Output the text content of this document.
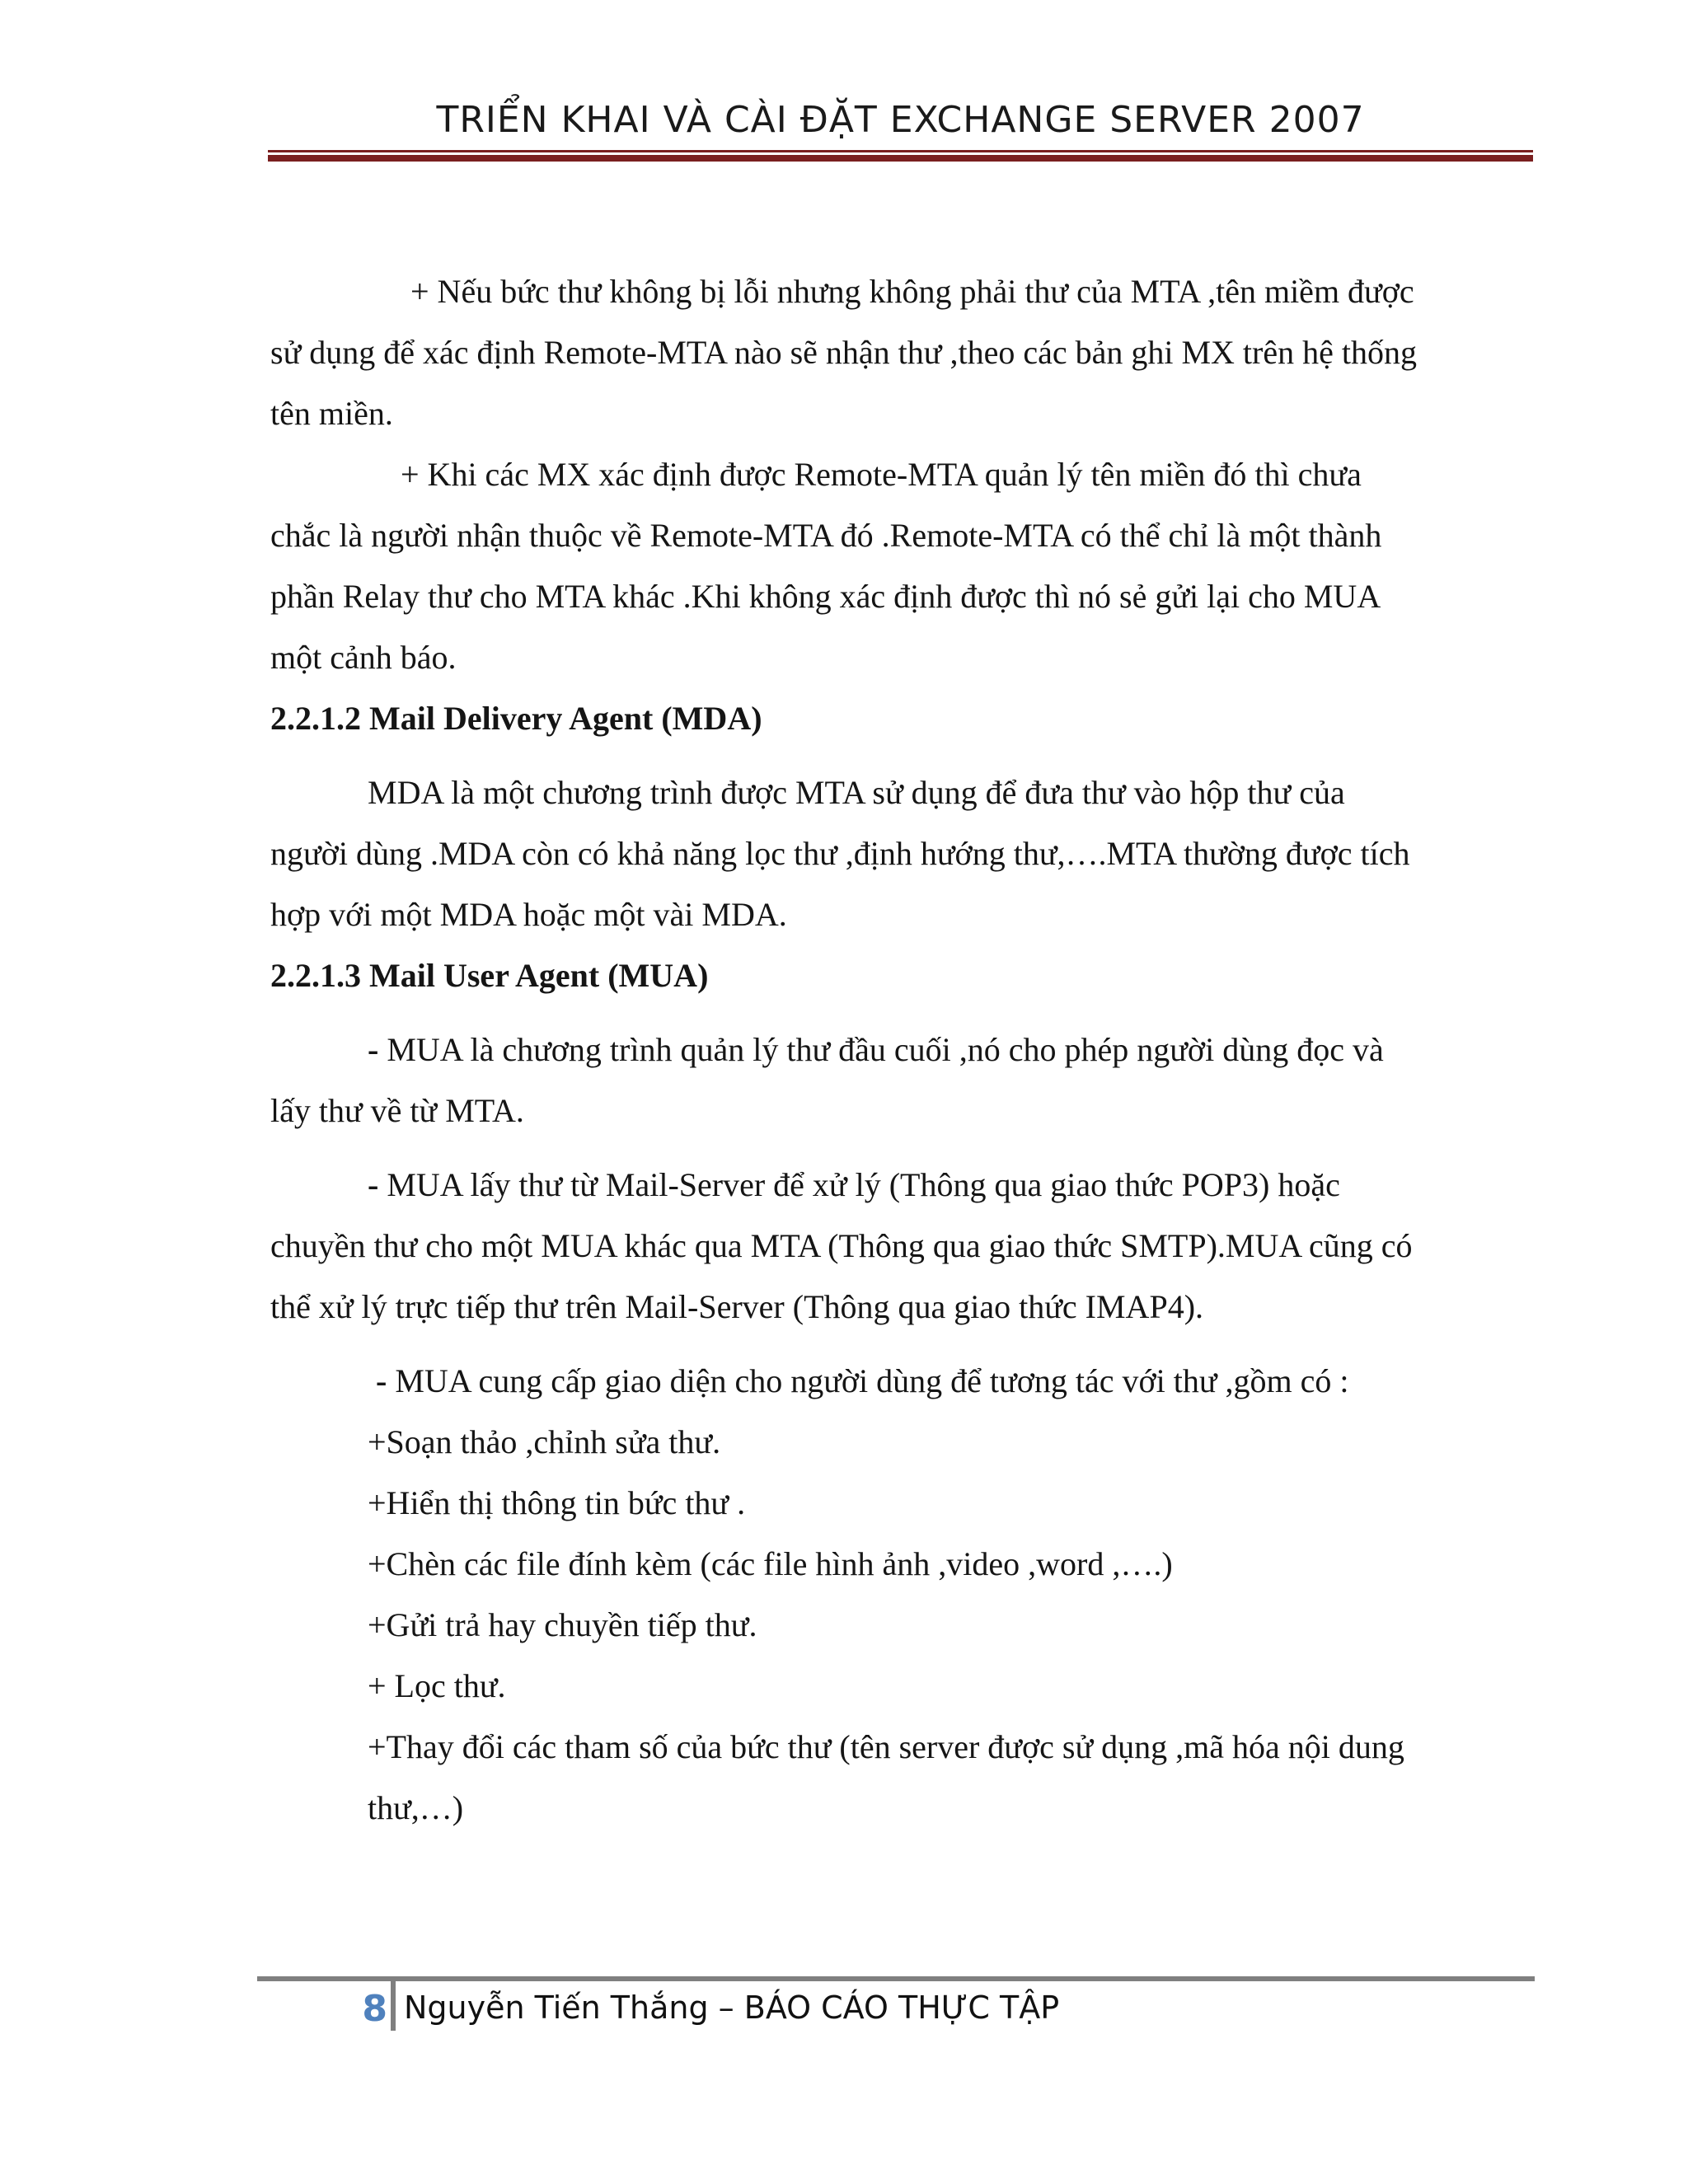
TRIỂN KHAI VÀ CÀI ĐẶT EXCHANGE SERVER 2007
+ Nếu bức thư không bị lỗi nhưng không phải thư của MTA ,tên miềm được
sử dụng để xác định Remote-MTA nào sẽ nhận thư ,theo các bản ghi MX trên hệ thống
tên miền.
+ Khi các MX xác định được Remote-MTA quản lý tên miền đó thì chưa
chắc là người nhận thuộc về Remote-MTA đó .Remote-MTA có thể chỉ là một thành
phần Relay thư cho MTA khác .Khi không xác định được thì nó sẻ gửi lại cho MUA
một cảnh báo.
2.2.1.2 Mail Delivery Agent (MDA)
MDA là một chương trình được MTA sử dụng để đưa thư vào hộp thư của
người dùng .MDA còn có khả năng lọc thư ,định hướng thư,….MTA thường được tích
hợp với một MDA hoặc một vài MDA.
2.2.1.3 Mail User Agent (MUA)
- MUA là chương trình quản lý thư đầu cuối ,nó cho phép người dùng đọc và
lấy thư về từ MTA.
- MUA lấy thư từ Mail-Server để xử lý (Thông qua giao thức POP3) hoặc
chuyền thư cho một MUA khác qua MTA (Thông qua giao thức SMTP).MUA cũng có
thể xử lý trực tiếp thư trên Mail-Server (Thông qua giao thức IMAP4).
- MUA cung cấp giao diện cho người dùng để tương tác với thư ,gồm có :
+Soạn thảo ,chỉnh sửa thư.
+Hiển thị thông tin bức thư .
+Chèn các file đính kèm (các file hình ảnh ,video ,word ,….)
+Gửi trả hay chuyền tiếp thư.
+ Lọc thư.
+Thay đổi các tham số của bức thư (tên server được sử dụng ,mã hóa nội dung
thư,…)
8 Nguyễn Tiến Thắng – BÁO CÁO THỰC TẬP
